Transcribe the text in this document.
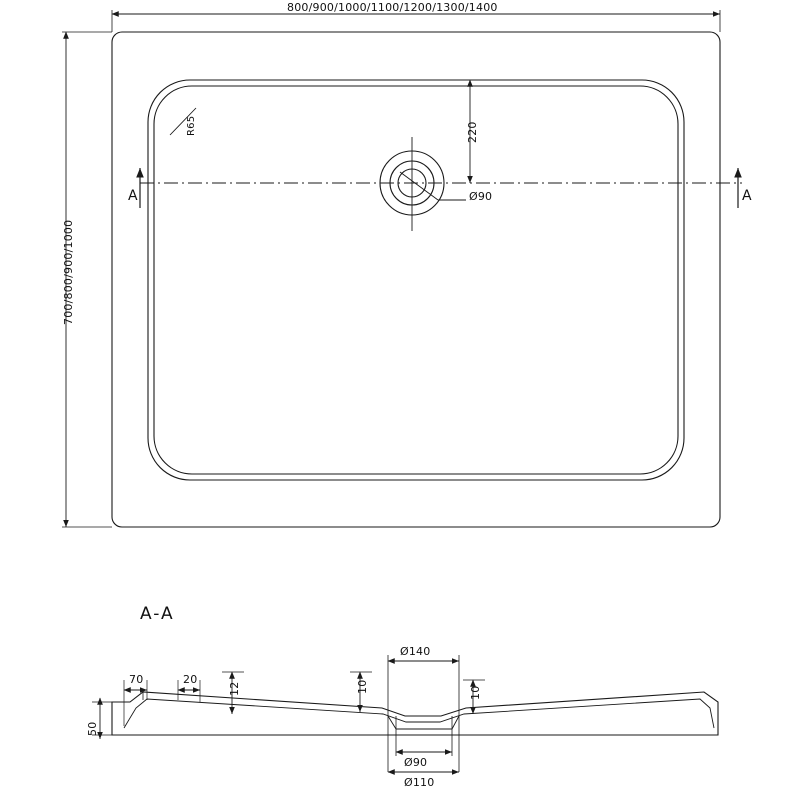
800/900/1000/1100/1200/1300/1400
700/800/900/1000
R65	220
Ø90
A	A
A-A
70	20
12	10	10
50
Ø140
Ø90
Ø110
